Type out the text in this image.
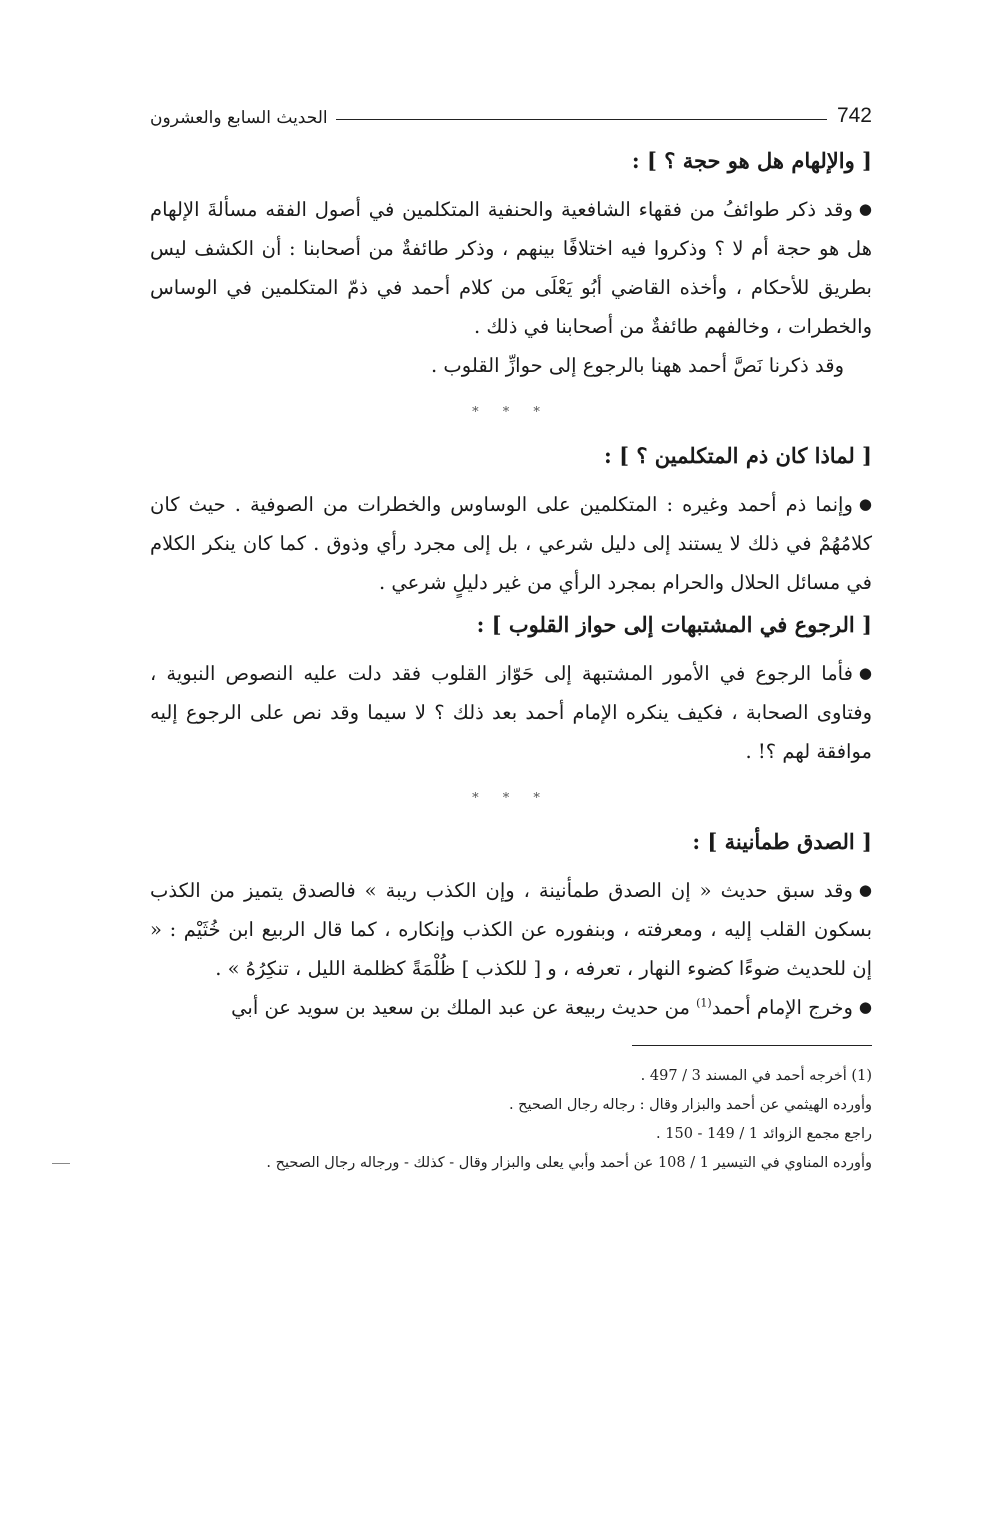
742
الحديث السابع والعشرون
[ والإلهام هل هو حجة ؟ ] :

●وقد ذكر طوائفُ من فقهاء الشافعية والحنفية المتكلمين في أصول الفقه مسألةَ الإلهام هل هو حجة أم لا ؟ وذكروا فيه اختلافًا بينهم ، وذكر طائفةٌ من أصحابنا : أن الكشف ليس بطريق للأحكام ، وأخذه القاضي أبُو يَعْلَى من كلام أحمد في ذمّ المتكلمين في الوساس والخطرات ، وخالفهم طائفةٌ من أصحابنا في ذلك .

وقد ذكرنا نَصَّ أحمد ههنا بالرجوع إلى حوازِّ القلوب .

* * *
[ لماذا كان ذم المتكلمين ؟ ] :

●وإنما ذم أحمد وغيره : المتكلمين على الوساوس والخطرات من الصوفية . حيث كان كلامُهُمْ في ذلك لا يستند إلى دليل شرعي ، بل إلى مجرد رأي وذوق . كما كان ينكر الكلام في مسائل الحلال والحرام بمجرد الرأي من غير دليلٍ شرعي .

[ الرجوع في المشتبهات إلى حواز القلوب ] :

●فأما الرجوع في الأمور المشتبهة إلى حَوّاز القلوب فقد دلت عليه النصوص النبوية ، وفتاوى الصحابة ، فكيف ينكره الإمام أحمد بعد ذلك ؟ لا سيما وقد نص على الرجوع إليه موافقة لهم ؟! .

* * *
[ الصدق طمأنينة ] :

●وقد سبق حديث « إن الصدق طمأنينة ، وإن الكذب ريبة » فالصدق يتميز من الكذب بسكون القلب إليه ، ومعرفته ، وبنفوره عن الكذب وإنكاره ، كما قال الربيع ابن خُثَيْم : « إن للحديث ضوءًا كضوء النهار ، تعرفه ، و [ للكذب ] ظُلْمَةً كظلمة الليل ، تنكِرُهُ » .

●وخرج الإمام أحمد$^{(1)}$ من حديث ربيعة عن عبد الملك بن سعيد بن سويد عن أبي

(1) أخرجه أحمد في المسند 3 / 497 .

وأورده الهيثمي عن أحمد والبزار وقال : رجاله رجال الصحيح .

راجع مجمع الزوائد 1 / 149 - 150 .

وأورده المناوي في التيسير 1 / 108 عن أحمد وأبي يعلى والبزار وقال - كذلك - ورجاله رجال الصحيح .
